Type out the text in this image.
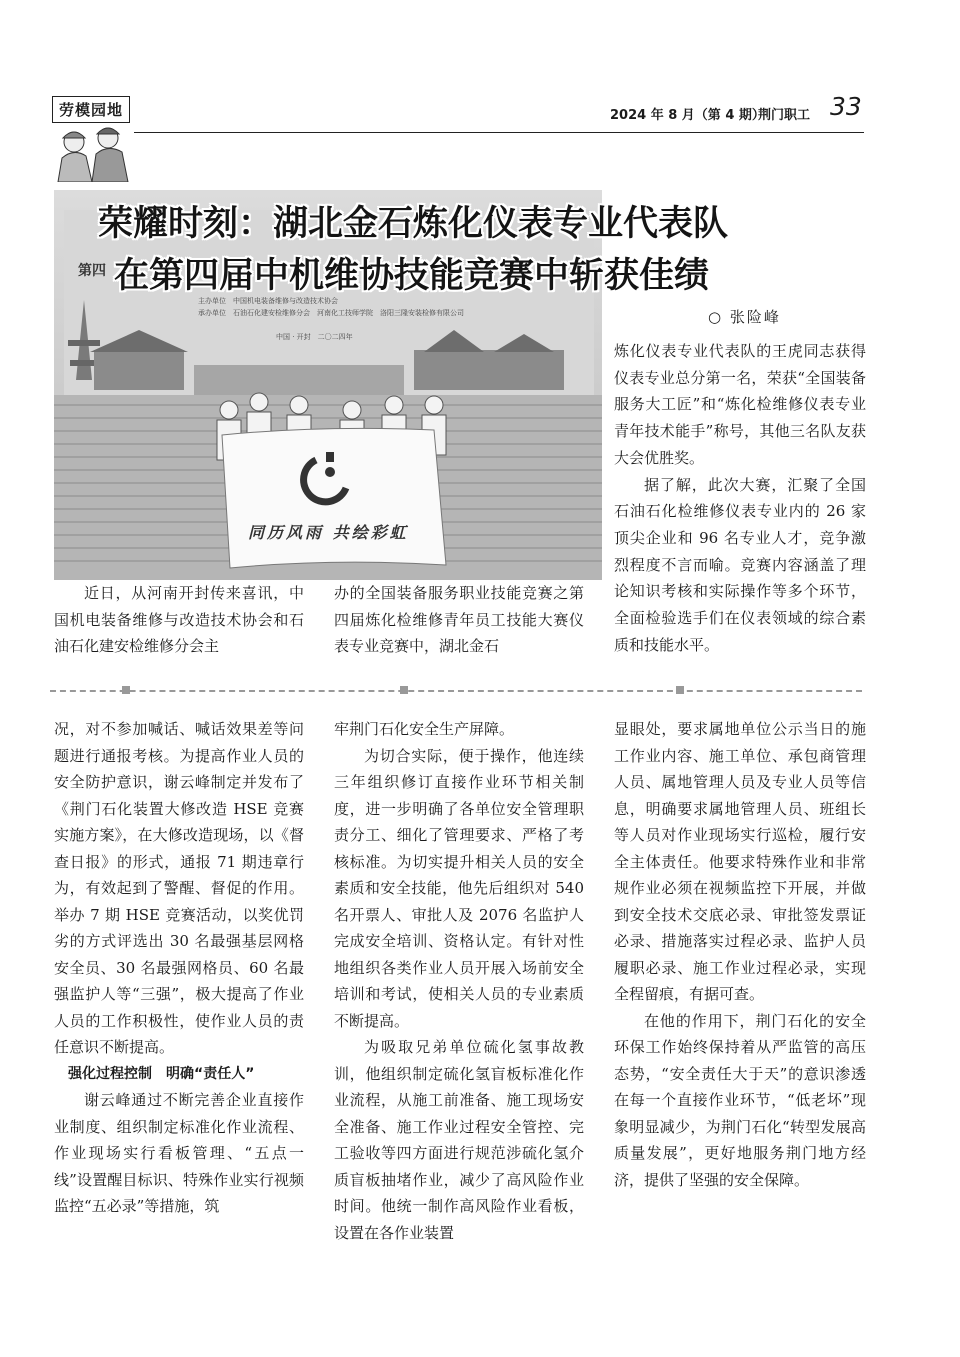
劳模园地	2024 年 8 月（第 4 期）
荆门职工 33
第四
主办单位　中国机电装备维修与改造技术协会
承办单位　石油石化建安检维修分会　河南化工技师学院　洛阳三隆安装检修有限公司
中国 · 开封　二〇二四年
同历风雨 共绘彩虹
荣耀时刻：湖北金石炼化仪表专业代表队
在第四届中机维协技能竞赛中斩获佳绩
○ 张险峰

炼化仪表专业代表队的王虎同志获得仪表专业总分第一名，荣获“全国装备服务大工匠”和“炼化检维修仪表专业青年技术能手”称号，其他三名队友获大会优胜奖。

据了解，此次大赛，汇聚了全国石油石化检维修仪表专业内的 26 家顶尖企业和 96 名专业人才，竞争激烈程度不言而喻。竞赛内容涵盖了理论知识考核和实际操作等多个环节，全面检验选手们在仪表领域的综合素质和技能水平。

近日，从河南开封传来喜讯，中国机电装备维修与改造技术协会和石油石化建安检维修分会主

办的全国装备服务职业技能竞赛之第四届炼化检维修青年员工技能大赛仪表专业竞赛中，湖北金石

况，对不参加喊话、喊话效果差等问题进行通报考核。为提高作业人员的安全防护意识，谢云峰制定并发布了《荆门石化装置大修改造 HSE 竞赛实施方案》，在大修改造现场，以《督查日报》的形式，通报 71 期违章行为，有效起到了警醒、督促的作用。举办 7 期 HSE 竞赛活动，以奖优罚劣的方式评选出 30 名最强基层网格安全员、30 名最强网格员、60 名最强监护人等“三强”，极大提高了作业人员的工作积极性，使作业人员的责任意识不断提高。

强化过程控制　明确“责任人”

谢云峰通过不断完善企业直接作业制度、组织制定标准化作业流程、作业现场实行看板管理、“五点一线”设置醒目标识、特殊作业实行视频监控“五必录”等措施，筑

牢荆门石化安全生产屏障。

为切合实际，便于操作，他连续三年组织修订直接作业环节相关制度，进一步明确了各单位安全管理职责分工、细化了管理要求、严格了考核标准。为切实提升相关人员的安全素质和安全技能，他先后组织对 540 名开票人、审批人及 2076 名监护人完成安全培训、资格认定。有针对性地组织各类作业人员开展入场前安全培训和考试，使相关人员的专业素质不断提高。

为吸取兄弟单位硫化氢事故教训，他组织制定硫化氢盲板标准化作业流程，从施工前准备、施工现场安全准备、施工作业过程安全管控、完工验收等四方面进行规范涉硫化氢介质盲板抽堵作业，减少了高风险作业时间。他统一制作高风险作业看板，设置在各作业装置

显眼处，要求属地单位公示当日的施工作业内容、施工单位、承包商管理人员、属地管理人员及专业人员等信息，明确要求属地管理人员、班组长等人员对作业现场实行巡检，履行安全主体责任。他要求特殊作业和非常规作业必须在视频监控下开展，并做到安全技术交底必录、审批签发票证必录、措施落实过程必录、监护人员履职必录、施工作业过程必录，实现全程留痕，有据可查。

在他的作用下，荆门石化的安全环保工作始终保持着从严监管的高压态势，“安全责任大于天”的意识渗透在每一个直接作业环节，“低老坏”现象明显减少，为荆门石化“转型发展高质量发展”，更好地服务荆门地方经济，提供了坚强的安全保障。
